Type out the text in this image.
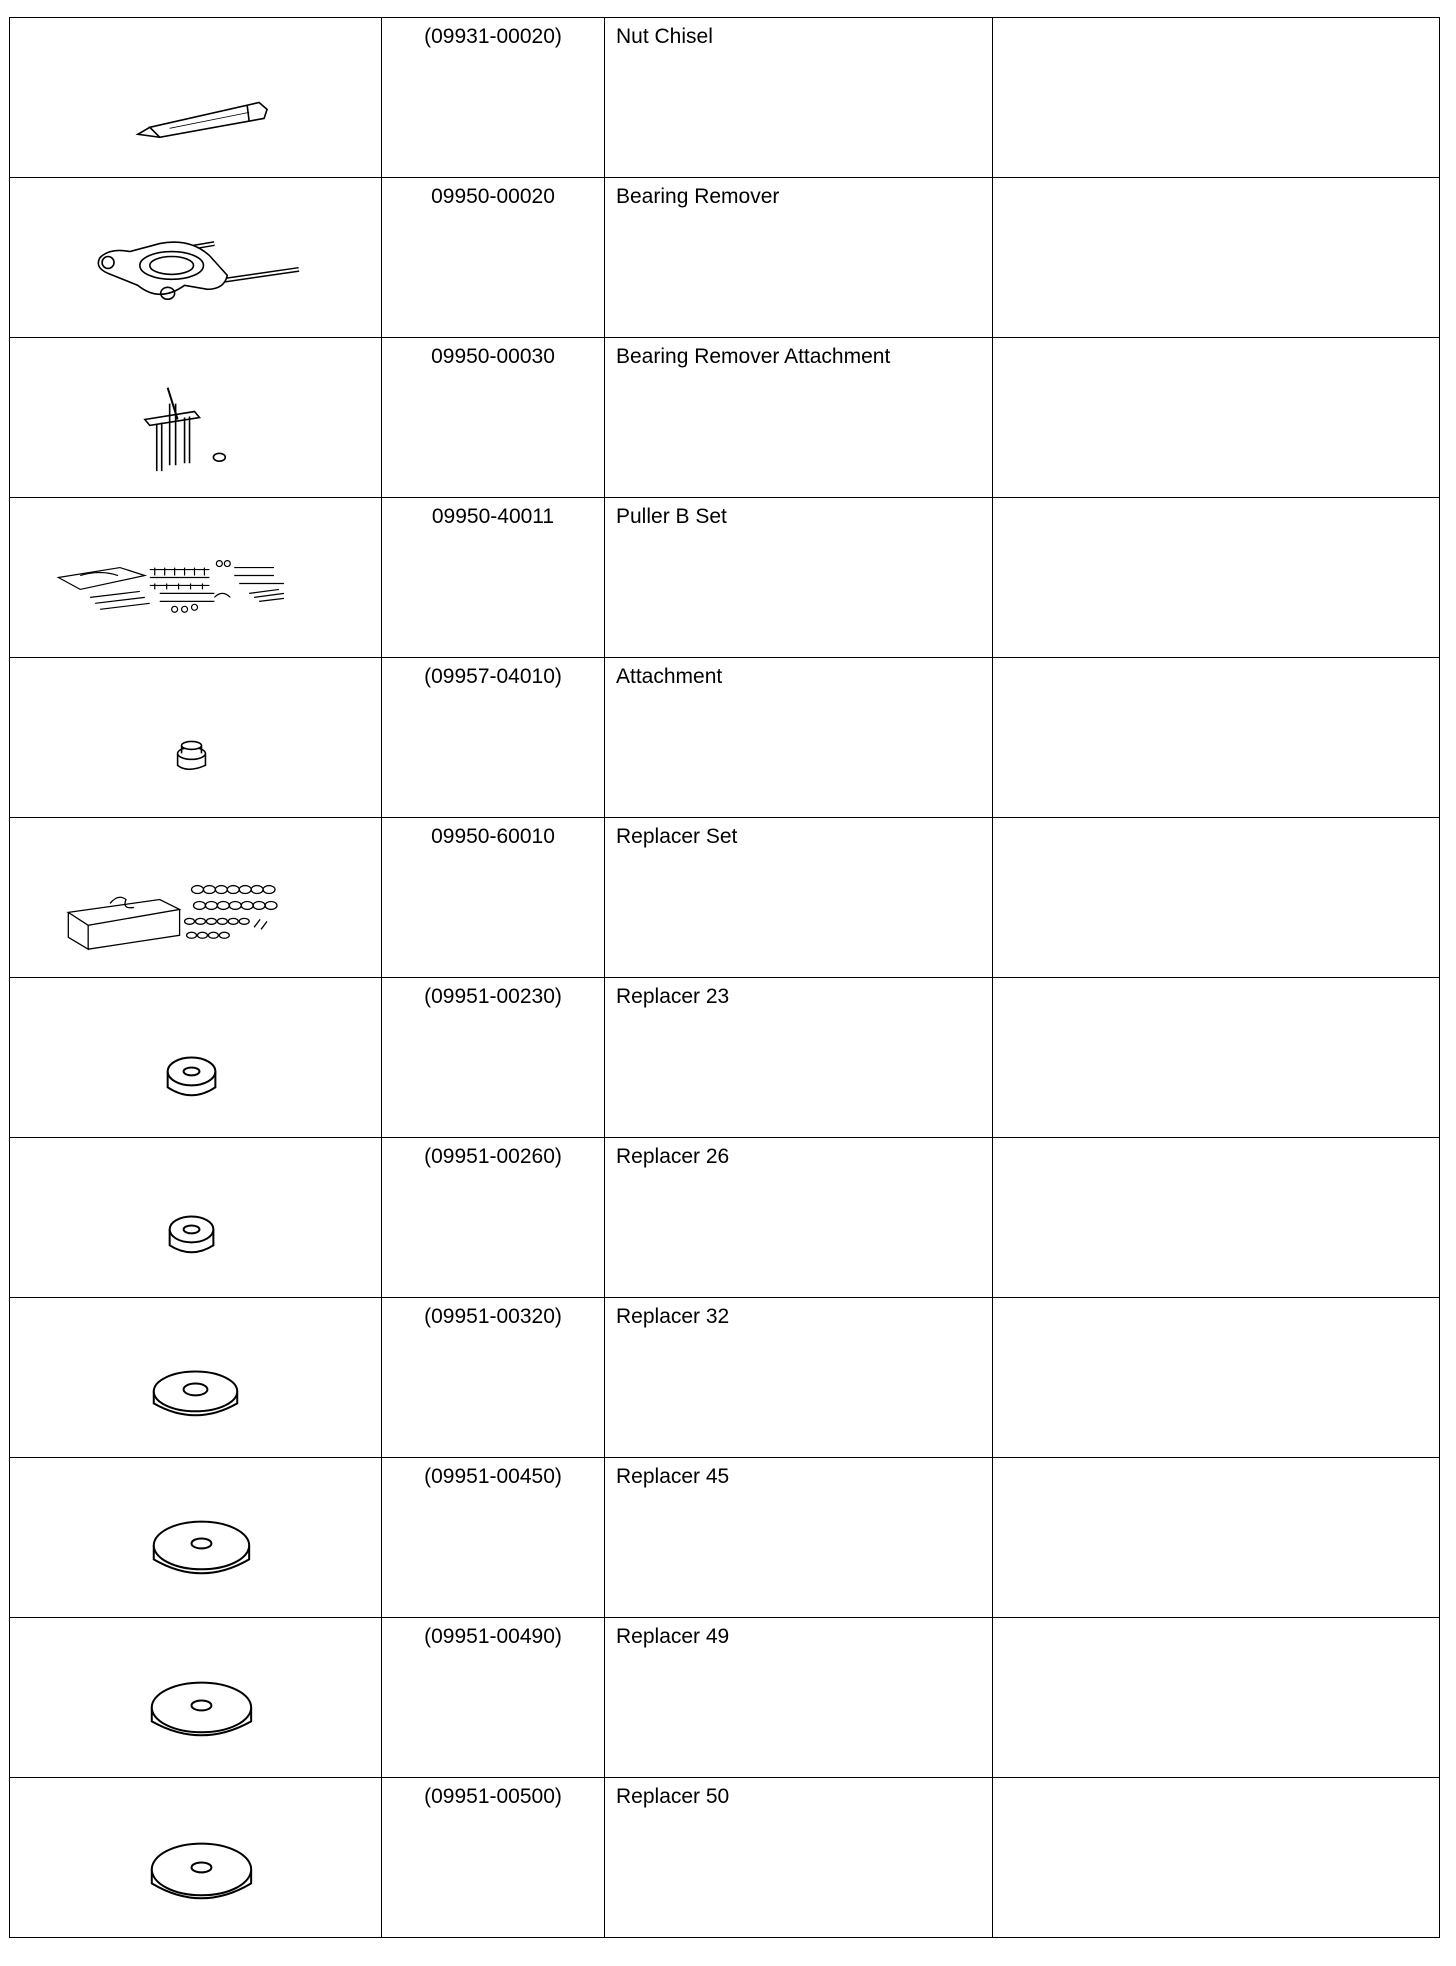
(09931-00020)	Nut Chisel	

09950-00020	Bearing Remover	

09950-00030	Bearing Remover Attachment	

09950-40011	Puller B Set	

(09957-04010)	Attachment	

09950-60010	Replacer Set	

(09951-00230)	Replacer 23	

(09951-00260)	Replacer 26	

(09951-00320)	Replacer 32	

(09951-00450)	Replacer 45	

(09951-00490)	Replacer 49	

(09951-00500)	Replacer 50	
